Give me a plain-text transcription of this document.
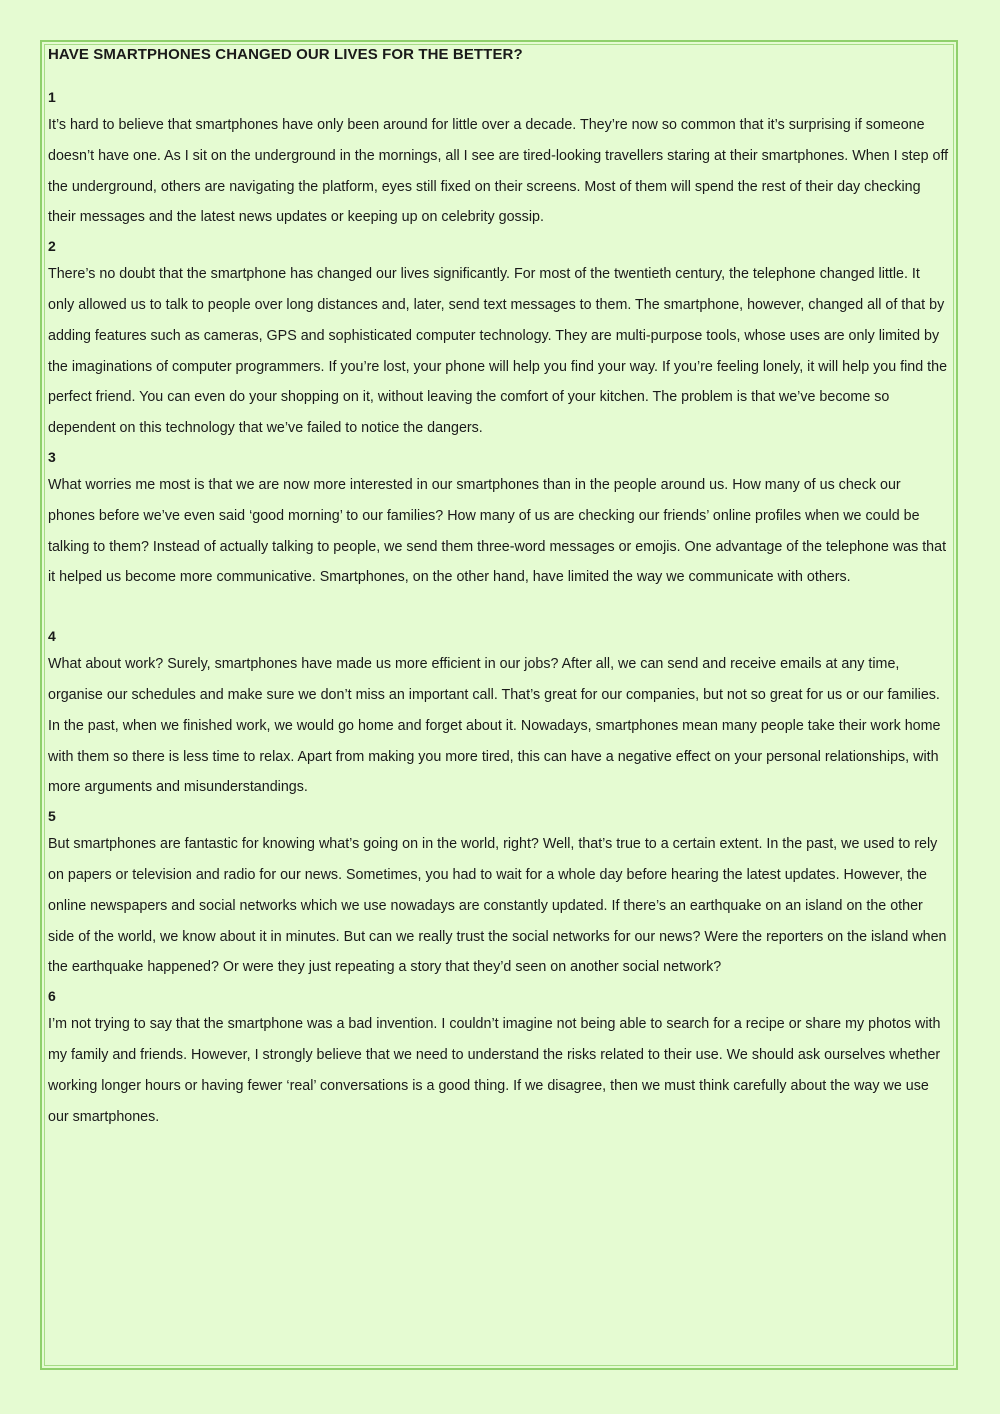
HAVE SMARTPHONES CHANGED OUR LIVES FOR THE BETTER?

1

It’s hard to believe that smartphones have only been around for little over a decade. They’re now so common that it’s surprising if someone doesn’t have one. As I sit on the underground in the mornings, all I see are tired-looking travellers staring at their smartphones. When I step off the underground, others are navigating the platform, eyes still fixed on their screens. Most of them will spend the rest of their day checking their messages and the latest news updates or keeping up on celebrity gossip.

2

There’s no doubt that the smartphone has changed our lives significantly. For most of the twentieth century, the telephone changed little. It only allowed us to talk to people over long distances and, later, send text messages to them. The smartphone, however, changed all of that by adding features such as cameras, GPS and sophisticated computer technology. They are multi-purpose tools, whose uses are only limited by the imaginations of computer programmers. If you’re lost, your phone will help you find your way. If you’re feeling lonely, it will help you find the perfect friend. You can even do your shopping on it, without leaving the comfort of your kitchen. The problem is that we’ve become so dependent on this technology that we’ve failed to notice the dangers.

3

What worries me most is that we are now more interested in our smartphones than in the people around us. How many of us check our phones before we’ve even said ‘good morning’ to our families? How many of us are checking our friends’ online profiles when we could be talking to them? Instead of actually talking to people, we send them three-word messages or emojis. One advantage of the telephone was that it helped us become more communicative. Smartphones, on the other hand, have limited the way we communicate with others.

4

What about work? Surely, smartphones have made us more efficient in our jobs? After all, we can send and receive emails at any time, organise our schedules and make sure we don’t miss an important call. That’s great for our companies, but not so great for us or our families. In the past, when we finished work, we would go home and forget about it. Nowadays, smartphones mean many people take their work home with them so there is less time to relax. Apart from making you more tired, this can have a negative effect on your personal relationships, with more arguments and misunderstandings.

5

But smartphones are fantastic for knowing what’s going on in the world, right? Well, that’s true to a certain extent. In the past, we used to rely on papers or television and radio for our news. Sometimes, you had to wait for a whole day before hearing the latest updates. However, the online newspapers and social networks which we use nowadays are constantly updated. If there’s an earthquake on an island on the other side of the world, we know about it in minutes. But can we really trust the social networks for our news? Were the reporters on the island when the earthquake happened? Or were they just repeating a story that they’d seen on another social network?

6

I’m not trying to say that the smartphone was a bad invention. I couldn’t imagine not being able to search for a recipe or share my photos with my family and friends. However, I strongly believe that we need to understand the risks related to their use. We should ask ourselves whether working longer hours or having fewer ‘real’ conversations is a good thing. If we disagree, then we must think carefully about the way we use our smartphones.
